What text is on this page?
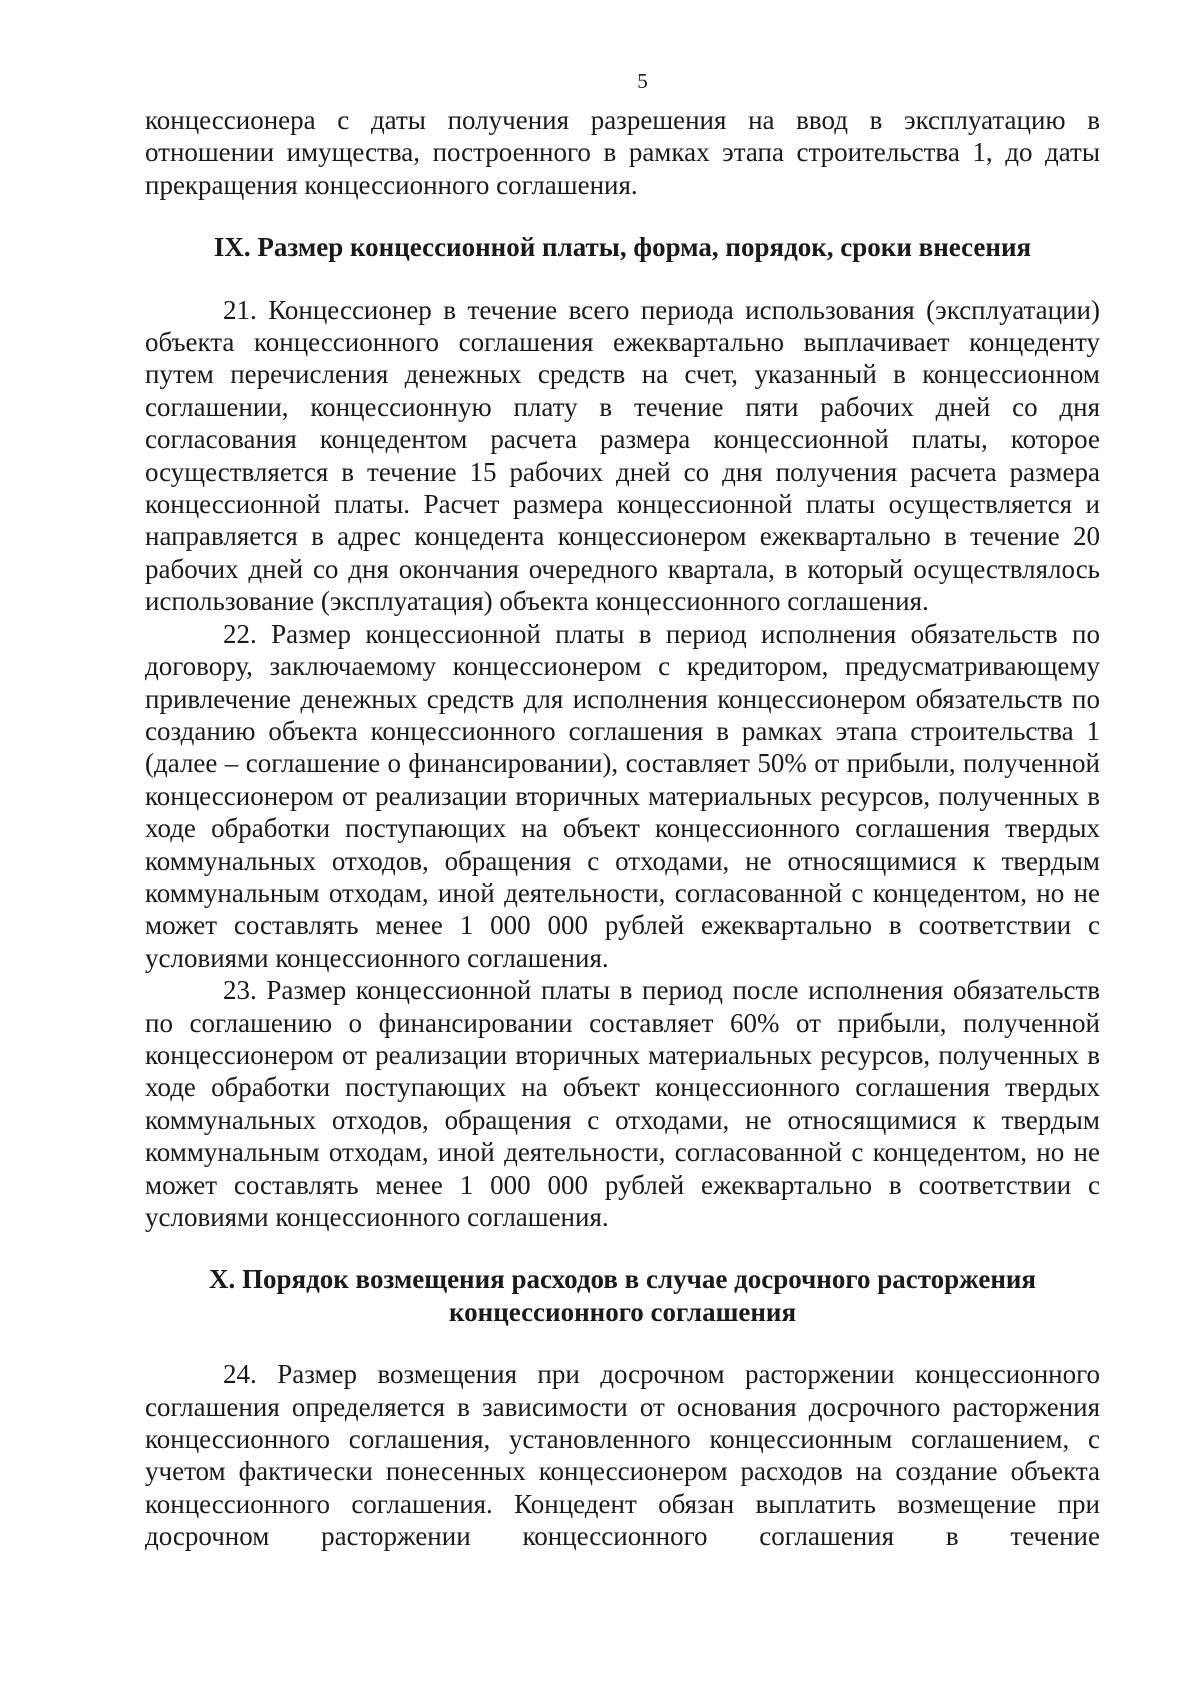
5

концессионера с даты получения разрешения на ввод в эксплуатацию в отношении имущества, построенного в рамках этапа строительства 1, до даты прекращения концессионного соглашения.

IX. Размер концессионной платы, форма, порядок, сроки внесения

21. Концессионер в течение всего периода использования (эксплуатации) объекта концессионного соглашения ежеквартально выплачивает концеденту путем перечисления денежных средств на счет, указанный в концессионном соглашении, концессионную плату в течение пяти рабочих дней со дня согласования концедентом расчета размера концессионной платы, которое осуществляется в течение 15 рабочих дней со дня получения расчета размера концессионной платы. Расчет размера концессионной платы осуществляется и направляется в адрес концедента концессионером ежеквартально в течение 20 рабочих дней со дня окончания очередного квартала, в который осуществлялось использование (эксплуатация) объекта концессионного соглашения.

22. Размер концессионной платы в период исполнения обязательств по договору, заключаемому концессионером с кредитором, предусматривающему привлечение денежных средств для исполнения концессионером обязательств по созданию объекта концессионного соглашения в рамках этапа строительства 1 (далее – соглашение о финансировании), составляет 50% от прибыли, полученной концессионером от реализации вторичных материальных ресурсов, полученных в ходе обработки поступающих на объект концессионного соглашения твердых коммунальных отходов, обращения с отходами, не относящимися к твердым коммунальным отходам, иной деятельности, согласованной с концедентом, но не может составлять менее 1 000 000 рублей ежеквартально в соответствии с условиями концессионного соглашения.

23. Размер концессионной платы в период после исполнения обязательств по соглашению о финансировании составляет 60% от прибыли, полученной концессионером от реализации вторичных материальных ресурсов, полученных в ходе обработки поступающих на объект концессионного соглашения твердых коммунальных отходов, обращения с отходами, не относящимися к твердым коммунальным отходам, иной деятельности, согласованной с концедентом, но не может составлять менее 1 000 000 рублей ежеквартально в соответствии с условиями концессионного соглашения.

X. Порядок возмещения расходов в случае досрочного расторжения
концессионного соглашения

24. Размер возмещения при досрочном расторжении концессионного соглашения определяется в зависимости от основания досрочного расторжения концессионного соглашения, установленного концессионным соглашением, с учетом фактически понесенных концессионером расходов на создание объекта концессионного соглашения. Концедент обязан выплатить возмещение при досрочном расторжении концессионного соглашения в течение
